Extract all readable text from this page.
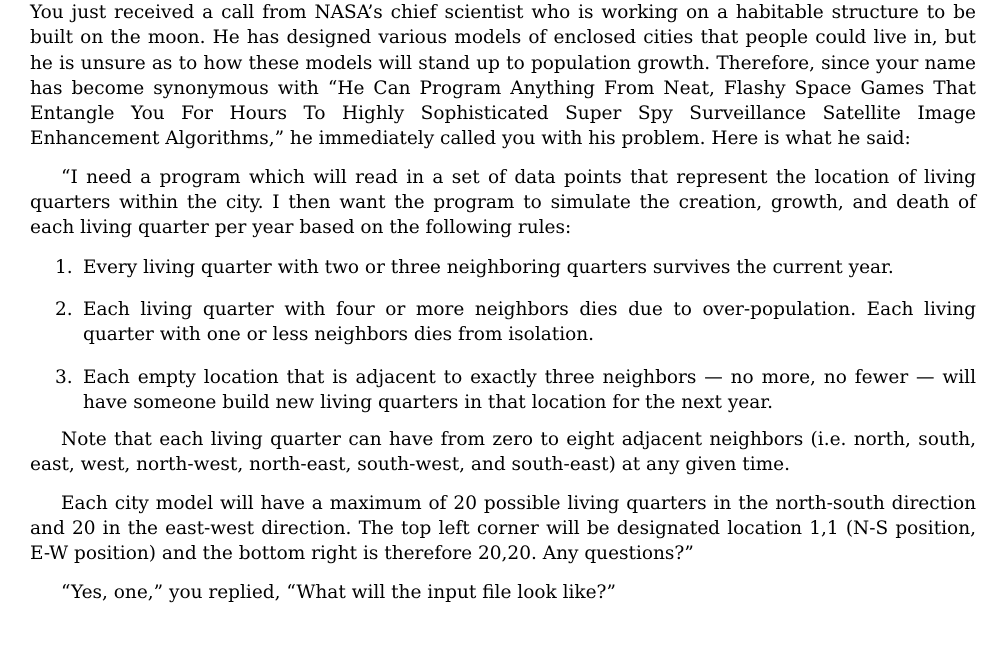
You just received a call from NASA’s chief scientist who is working on a habitable structure to be built on the moon. He has designed various models of enclosed cities that people could live in, but he is unsure as to how these models will stand up to population growth. Therefore, since your name has become synonymous with “He Can Program Anything From Neat, Flashy Space Games That Entangle You For Hours To Highly Sophisticated Super Spy Surveillance Satellite Image Enhancement Algorithms,” he immediately called you with his problem. Here is what he said:

“I need a program which will read in a set of data points that represent the location of living quarters within the city. I then want the program to simulate the creation, growth, and death of each living quarter per year based on the following rules:

1. Every living quarter with two or three neighboring quarters survives the current year.
2. Each living quarter with four or more neighbors dies due to over-population. Each living quarter with one or less neighbors dies from isolation.
3. Each empty location that is adjacent to exactly three neighbors — no more, no fewer — will have someone build new living quarters in that location for the next year.

Note that each living quarter can have from zero to eight adjacent neighbors (i.e. north, south, east, west, north-west, north-east, south-west, and south-east) at any given time.

Each city model will have a maximum of 20 possible living quarters in the north-south direction and 20 in the east-west direction. The top left corner will be designated location 1,1 (N-S position, E-W position) and the bottom right is therefore 20,20. Any questions?”

“Yes, one,” you replied, “What will the input file look like?”
